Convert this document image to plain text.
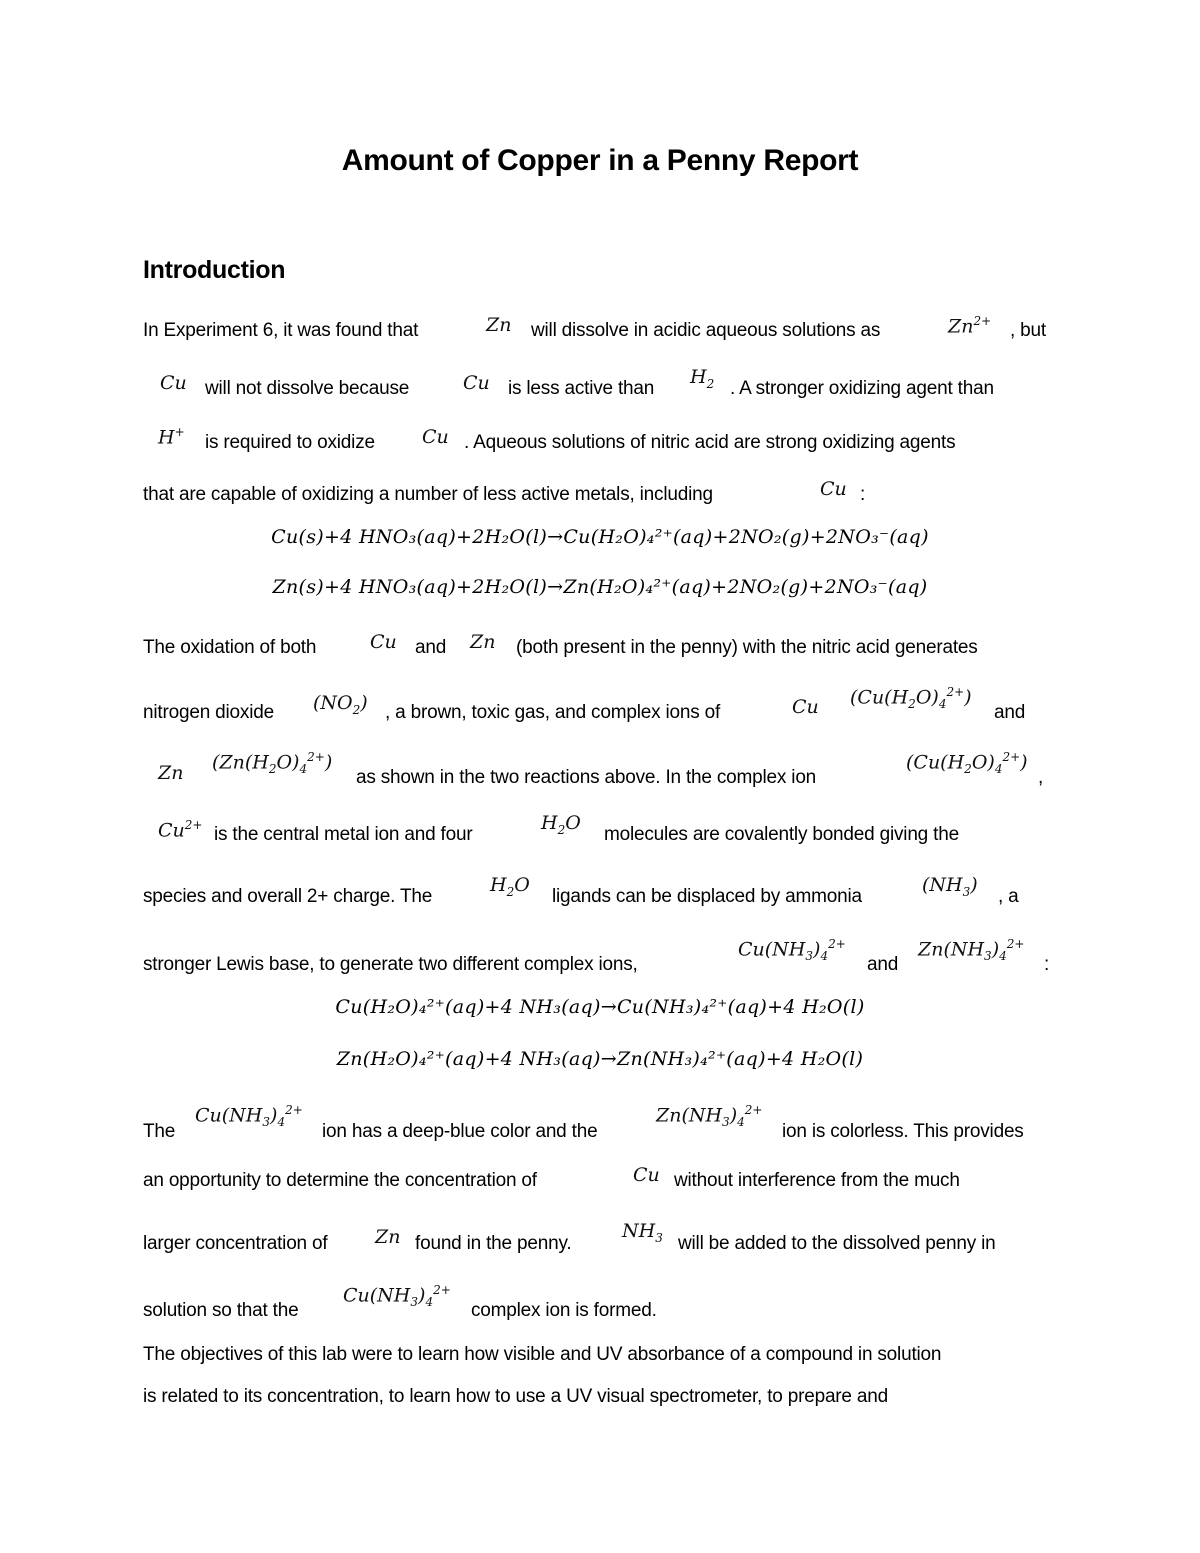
Amount of Copper in a Penny Report
Introduction
In Experiment 6, it was found that	Zn will dissolve in acidic aqueous solutions as	$Zn^{2+}$ , but
Cu will not dissolve because	Cu is less active than
$H_2$ . A stronger oxidizing agent than
H+ is required to oxidize Cu . Aqueous solutions of nitric acid are strong oxidizing agents
that are capable of oxidizing a number of less active metals, including	Cu :
Cu(s)+4 HNO₃(aq)+2H₂O(l)→Cu(H₂O)₄²⁺(aq)+2NO₂(g)+2NO₃⁻(aq)
Zn(s)+4 HNO₃(aq)+2H₂O(l)→Zn(H₂O)₄²⁺(aq)+2NO₂(g)+2NO₃⁻(aq)
The oxidation of both	Cu and Zn (both present in the penny) with the nitric acid generates
nitrogen dioxide $(NO_2)$ , a brown, toxic gas, and complex ions of	Cu $(Cu(H_2O)_4^{2+})$
and
Zn $(Zn(H_2O)_4^{2+})$
as shown in the two reactions above. In the complex ion
$(Cu(H_2O)_4^{2+})$
,
$Cu^{2+}$ is the central metal ion and four
$H_2O$
molecules are covalently bonded giving the
species and overall 2+ charge. The
$H_2O$
ligands can be displaced by ammonia
$(NH_3)$
, a
stronger Lewis base, to generate two different complex ions,
$Cu(NH_3)_4^{2+}$
and
$Zn(NH_3)_4^{2+}$
:
Cu(H₂O)₄²⁺(aq)+4 NH₃(aq)→Cu(NH₃)₄²⁺(aq)+4 H₂O(l)
Zn(H₂O)₄²⁺(aq)+4 NH₃(aq)→Zn(NH₃)₄²⁺(aq)+4 H₂O(l)
The
$Cu(NH_3)_4^{2+}$
ion has a deep-blue color and the
$Zn(NH_3)_4^{2+}$
ion is colorless. This provides
an opportunity to determine the concentration of	Cu without interference from the much
larger concentration of	Zn found in the penny.
$NH_3$ will be added to the dissolved penny in
solution so that the
$Cu(NH_3)_4^{2+}$
complex ion is formed.
The objectives of this lab were to learn how visible and UV absorbance of a compound in solution
is related to its concentration, to learn how to use a UV visual spectrometer, to prepare and
